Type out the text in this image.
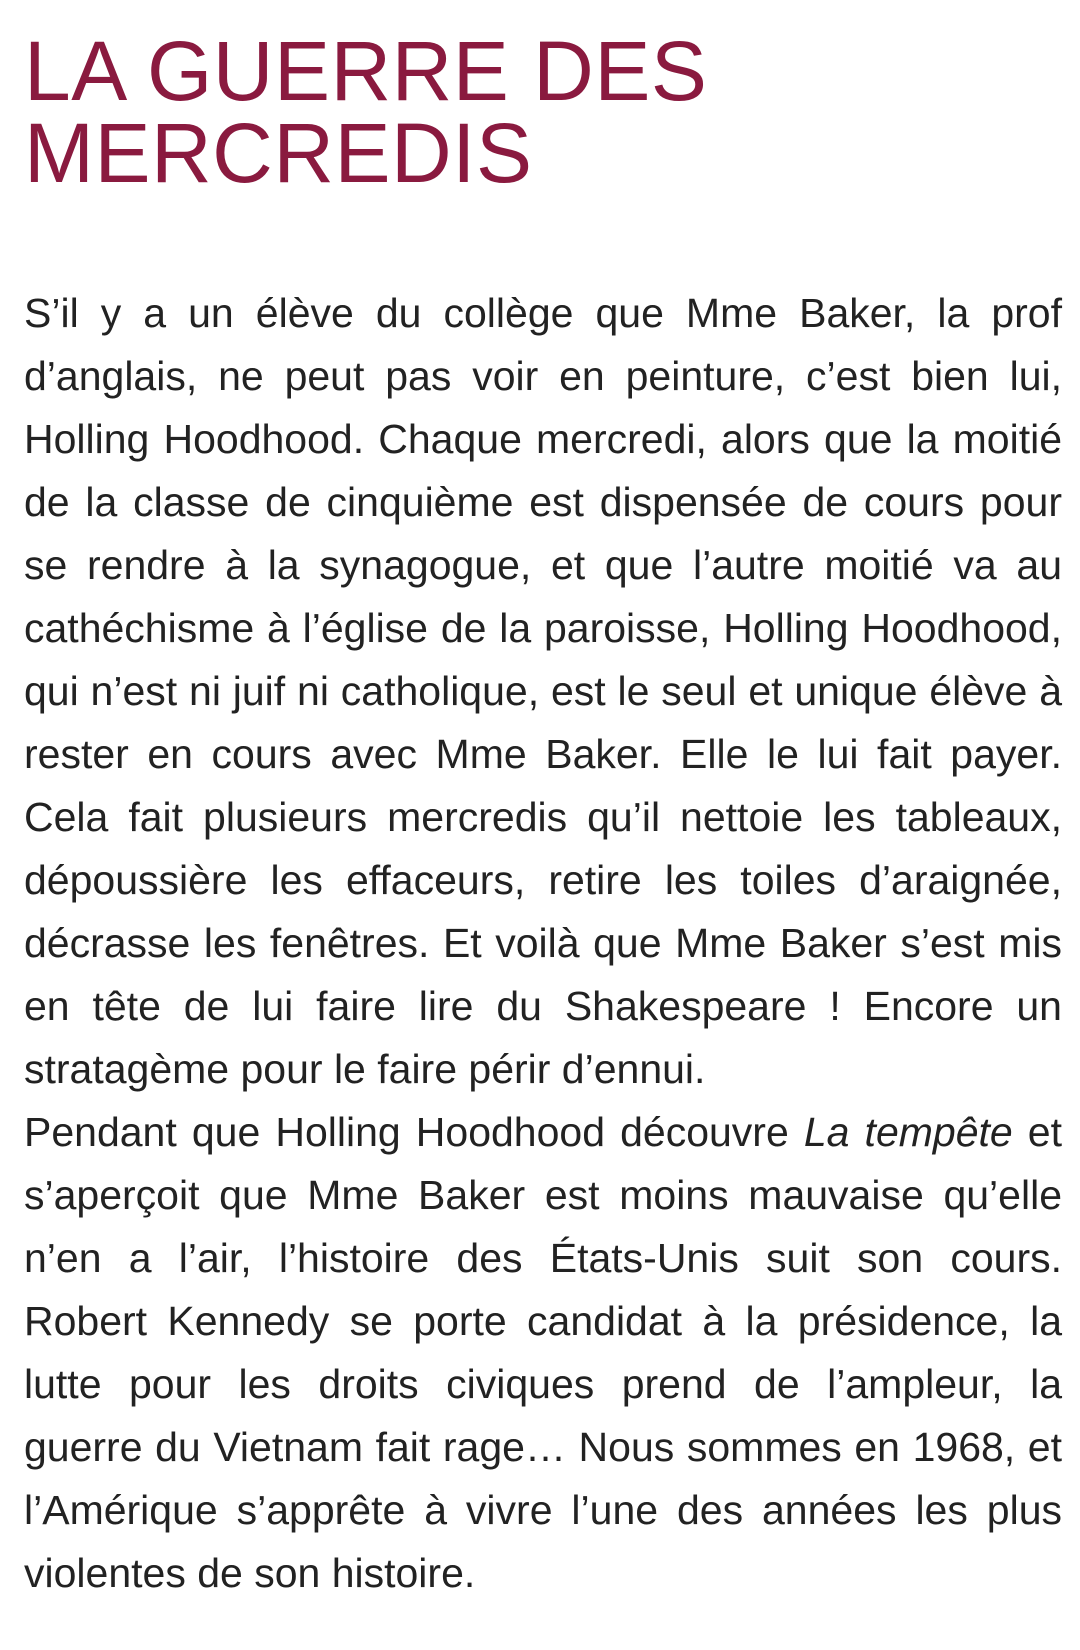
LA GUERRE DES
MERCREDIS

S’il y a un élève du collège que Mme Baker, la prof d’anglais, ne peut pas voir en peinture, c’est bien lui, Holling Hoodhood. Chaque mercredi, alors que la moitié de la classe de cinquième est dispensée de cours pour se rendre à la synagogue, et que l’autre moitié va au cathéchisme à l’église de la paroisse, Holling Hoodhood, qui n’est ni juif ni catholique, est le seul et unique élève à rester en cours avec Mme Baker. Elle le lui fait payer. Cela fait plusieurs mercredis qu’il nettoie les tableaux, dépoussière les effaceurs, retire les toiles d’araignée, décrasse les fenêtres. Et voilà que Mme Baker s’est mis en tête de lui faire lire du Shakespeare ! Encore un stratagème pour le faire périr d’ennui.

Pendant que Holling Hoodhood découvre La tempête et s’aperçoit que Mme Baker est moins mauvaise qu’elle n’en a l’air, l’histoire des États-Unis suit son cours. Robert Kennedy se porte candidat à la présidence, la lutte pour les droits civiques prend de l’ampleur, la guerre du Vietnam fait rage… Nous sommes en 1968, et l’Amérique s’apprête à vivre l’une des années les plus violentes de son histoire.
